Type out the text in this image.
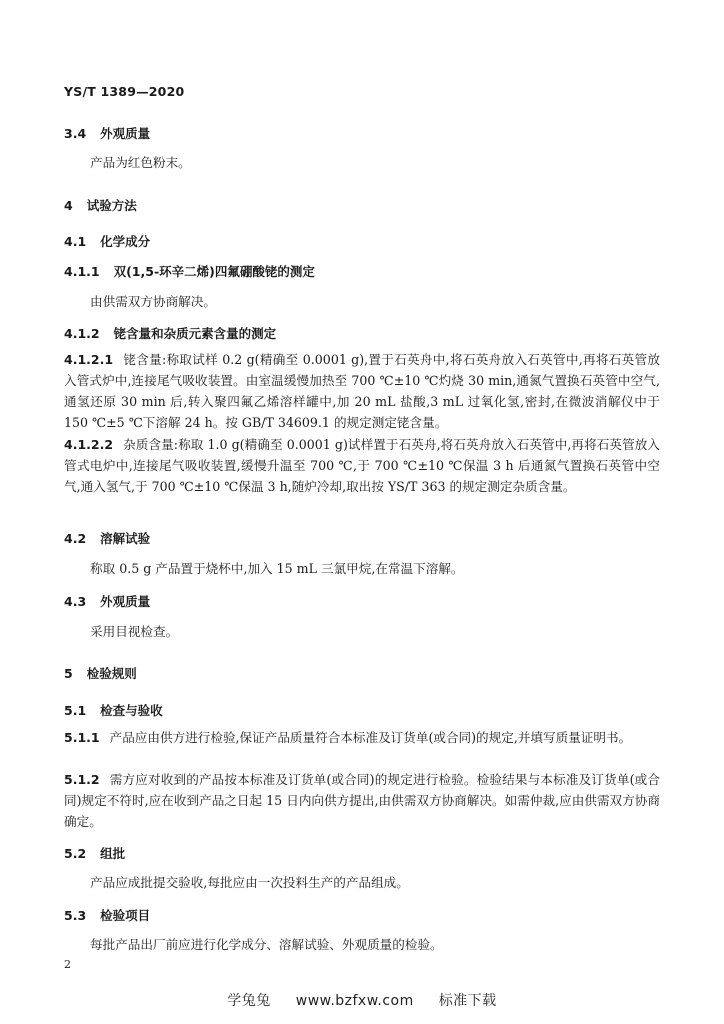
YS/T 1389—2020
3.4 外观质量
产品为红色粉末。
4 试验方法
4.1 化学成分
4.1.1 双(1,5-环辛二烯)四氟硼酸铑的测定
由供需双方协商解决。
4.1.2 铑含量和杂质元素含量的测定
4.1.2.1 铑含量:称取试样 0.2 g(精确至 0.0001 g),置于石英舟中,将石英舟放入石英管中,再将石英管放入管式炉中,连接尾气吸收装置。由室温缓慢加热至 700 ℃±10 ℃灼烧 30 min,通氮气置换石英管中空气,通氢还原 30 min 后,转入聚四氟乙烯溶样罐中,加 20 mL 盐酸,3 mL 过氧化氢,密封,在微波消解仪中于 150 ℃±5 ℃下溶解 24 h。按 GB/T 34609.1 的规定测定铑含量。
4.1.2.2 杂质含量:称取 1.0 g(精确至 0.0001 g)试样置于石英舟,将石英舟放入石英管中,再将石英管放入管式电炉中,连接尾气吸收装置,缓慢升温至 700 ℃,于 700 ℃±10 ℃保温 3 h 后通氮气置换石英管中空气,通入氢气,于 700 ℃±10 ℃保温 3 h,随炉冷却,取出按 YS/T 363 的规定测定杂质含量。
4.2 溶解试验
称取 0.5 g 产品置于烧杯中,加入 15 mL 三氯甲烷,在常温下溶解。
4.3 外观质量
采用目视检查。
5 检验规则
5.1 检查与验收
5.1.1 产品应由供方进行检验,保证产品质量符合本标准及订货单(或合同)的规定,并填写质量证明书。
5.1.2 需方应对收到的产品按本标准及订货单(或合同)的规定进行检验。检验结果与本标准及订货单(或合同)规定不符时,应在收到产品之日起 15 日内向供方提出,由供需双方协商解决。如需仲裁,应由供需双方协商确定。
5.2 组批
产品应成批提交验收,每批应由一次投料生产的产品组成。
5.3 检验项目
每批产品出厂前应进行化学成分、溶解试验、外观质量的检验。
2
学兔兔 www.bzfxw.com 标准下载
